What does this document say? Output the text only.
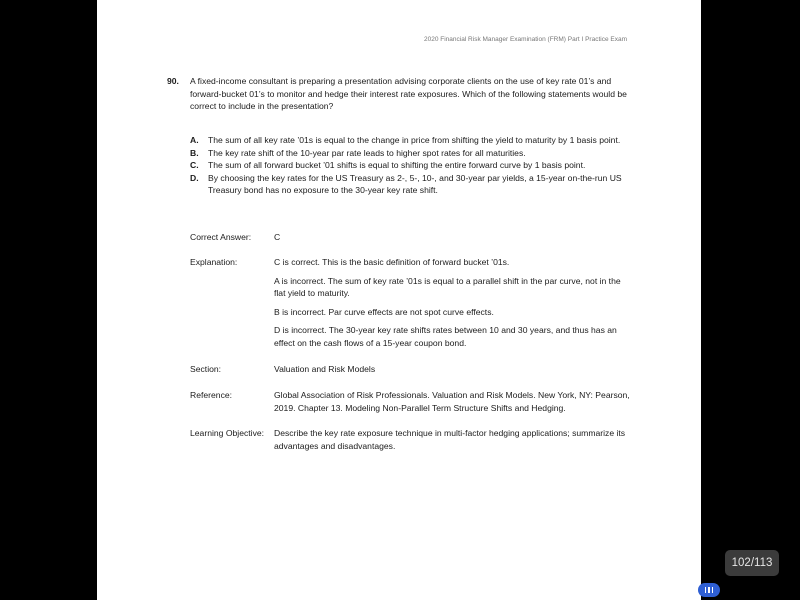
2020 Financial Risk Manager Examination (FRM) Part I Practice Exam
90. A fixed-income consultant is preparing a presentation advising corporate clients on the use of key rate 01’s and forward-bucket 01’s to monitor and hedge their interest rate exposures. Which of the following statements would be correct to include in the presentation?
A.	The sum of all key rate ’01s is equal to the change in price from shifting the yield to maturity by 1 basis point.
B.	The key rate shift of the 10-year par rate leads to higher spot rates for all maturities.
C.	The sum of all forward bucket ’01 shifts is equal to shifting the entire forward curve by 1 basis point.
D.	By choosing the key rates for the US Treasury as 2-, 5-, 10-, and 30-year par yields, a 15-year on-the-run US Treasury bond has no exposure to the 30-year key rate shift.
Correct Answer:	C
Explanation:	C is correct. This is the basic definition of forward bucket ’01s.

A is incorrect. The sum of key rate ’01s is equal to a parallel shift in the par curve, not in the flat yield to maturity.

B is incorrect. Par curve effects are not spot curve effects.

D is incorrect. The 30-year key rate shifts rates between 10 and 30 years, and thus has an effect on the cash flows of a 15-year coupon bond.

Section:	Valuation and Risk Models
Reference:	Global Association of Risk Professionals. Valuation and Risk Models. New York, NY: Pearson, 2019. Chapter 13. Modeling Non-Parallel Term Structure Shifts and Hedging.
Learning Objective:	Describe the key rate exposure technique in multi-factor hedging applications; summarize its advantages and disadvantages.
102/113
